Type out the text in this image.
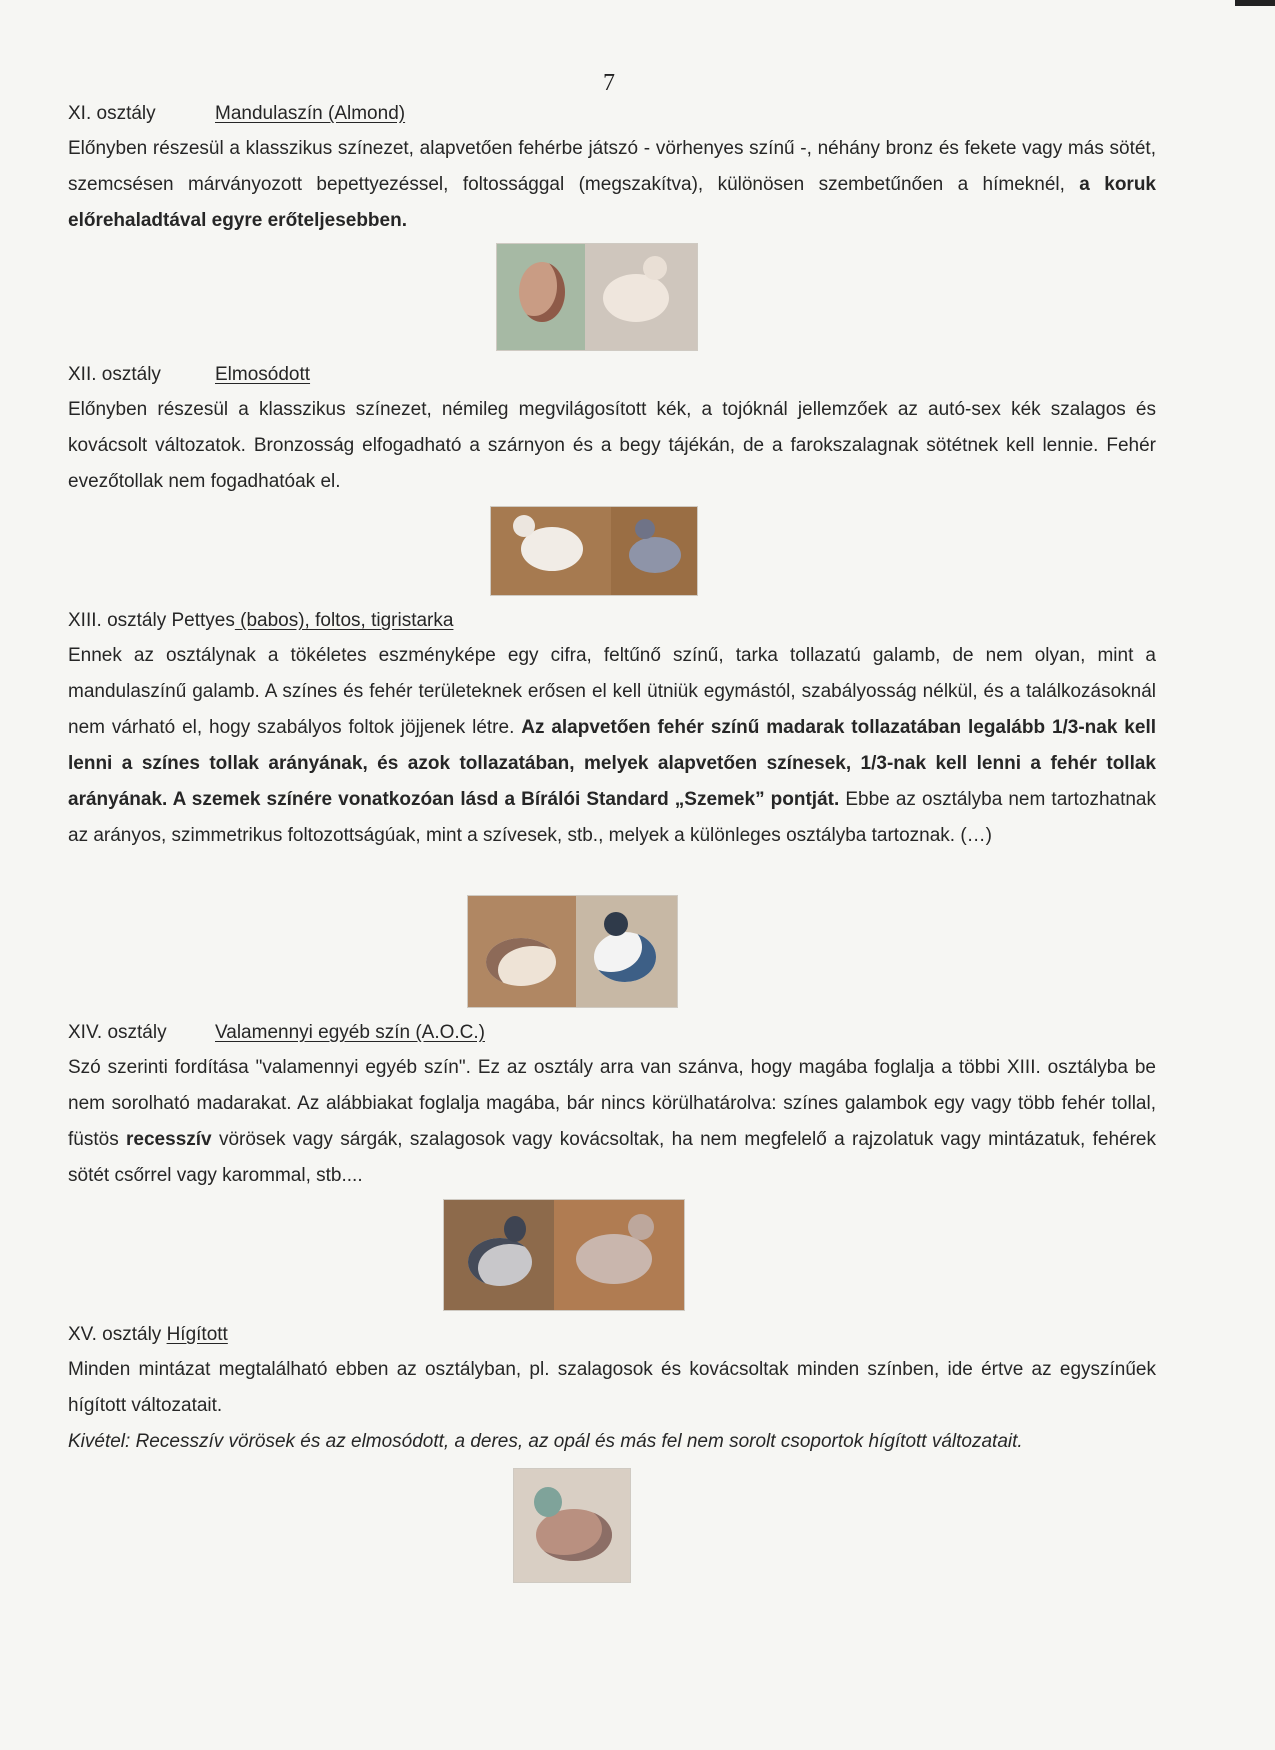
7
XI. osztály	Mandulaszín (Almond)
Előnyben részesül a klasszikus színezet, alapvetően fehérbe játszó - vörhenyes színű -, néhány bronz és fekete vagy más sötét, szemcsésen márványozott bepettyezéssel, foltossággal (megszakítva), különösen szembetűnően a hímeknél, a koruk előrehaladtával egyre erőteljesebben.
XII. osztály	Elmosódott
Előnyben részesül a klasszikus színezet, némileg megvilágosított kék, a tojóknál jellemzőek az autó-sex kék szalagos és kovácsolt változatok. Bronzosság elfogadható a szárnyon és a begy tájékán, de a farokszalagnak sötétnek kell lennie. Fehér evezőtollak nem fogadhatóak el.
XIII. osztály Pettyes (babos), foltos, tigristarka
Ennek az osztálynak a tökéletes eszményképe egy cifra, feltűnő színű, tarka tollazatú galamb, de nem olyan, mint a mandulaszínű galamb. A színes és fehér területeknek erősen el kell ütniük egymástól, szabályosság nélkül, és a találkozásoknál nem várható el, hogy szabályos foltok jöjjenek létre. Az alapvetően fehér színű madarak tollazatában legalább 1/3-nak kell lenni a színes tollak arányának, és azok tollazatában, melyek alapvetően színesek, 1/3-nak kell lenni a fehér tollak arányának. A szemek színére vonatkozóan lásd a Bírálói Standard „Szemek” pontját. Ebbe az osztályba nem tartozhatnak az arányos, szimmetrikus foltozottságúak, mint a szívesek, stb., melyek a különleges osztályba tartoznak. (…)
XIV. osztály	Valamennyi egyéb szín (A.O.C.)
Szó szerinti fordítása "valamennyi egyéb szín". Ez az osztály arra van szánva, hogy magába foglalja a többi XIII. osztályba be nem sorolható madarakat. Az alábbiakat foglalja magába, bár nincs körülhatárolva: színes galambok egy vagy több fehér tollal, füstös recesszív vörösek vagy sárgák, szalagosok vagy kovácsoltak, ha nem megfelelő a rajzolatuk vagy mintázatuk, fehérek sötét csőrrel vagy karommal, stb....
XV. osztály Hígított
Minden mintázat megtalálható ebben az osztályban, pl. szalagosok és kovácsoltak minden színben, ide értve az egyszínűek hígított változatait.
Kivétel: Recesszív vörösek és az elmosódott, a deres, az opál és más fel nem sorolt csoportok hígított változatait.
